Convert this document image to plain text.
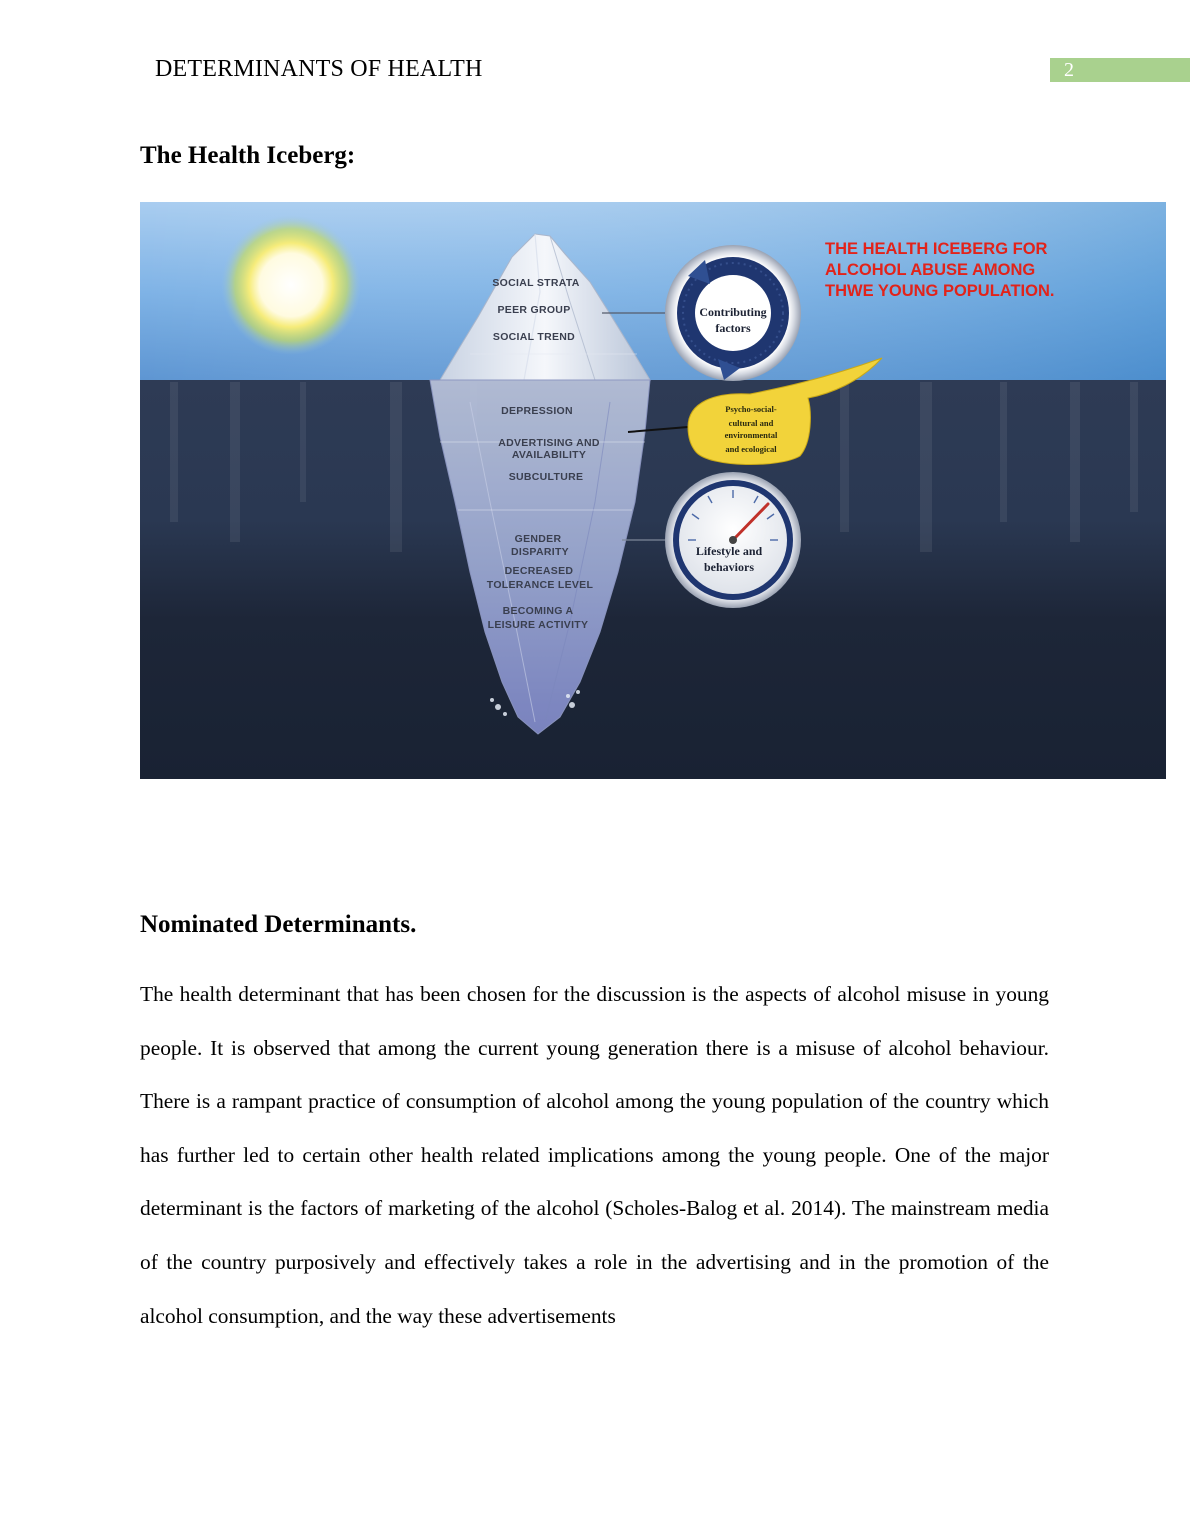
DETERMINANTS OF HEALTH	2
The Health Iceberg:
SOCIAL STRATA
PEER GROUP
SOCIAL TREND
DEPRESSION
ADVERTISING AND
AVAILABILITY
SUBCULTURE
GENDER
DISPARITY
DECREASED
TOLERANCE LEVEL
BECOMING A
LEISURE ACTIVITY
Contributing
factors
Psycho-social-
cultural and
environmental
and ecological
Lifestyle and
behaviors
THE HEALTH ICEBERG FOR
ALCOHOL ABUSE AMONG
THWE YOUNG POPULATION.
Nominated Determinants.

The health determinant that has been chosen for the discussion is the aspects of alcohol misuse in young people. It is observed that among the current young generation there is a misuse of alcohol behaviour. There is a rampant practice of consumption of alcohol among the young population of the country which has further led to certain other health related implications among the young people. One of the major determinant is the factors of marketing of the alcohol (Scholes-Balog et al. 2014). The mainstream media of the country purposively and effectively takes a role in the advertising and in the promotion of the alcohol consumption, and the way these advertisements
